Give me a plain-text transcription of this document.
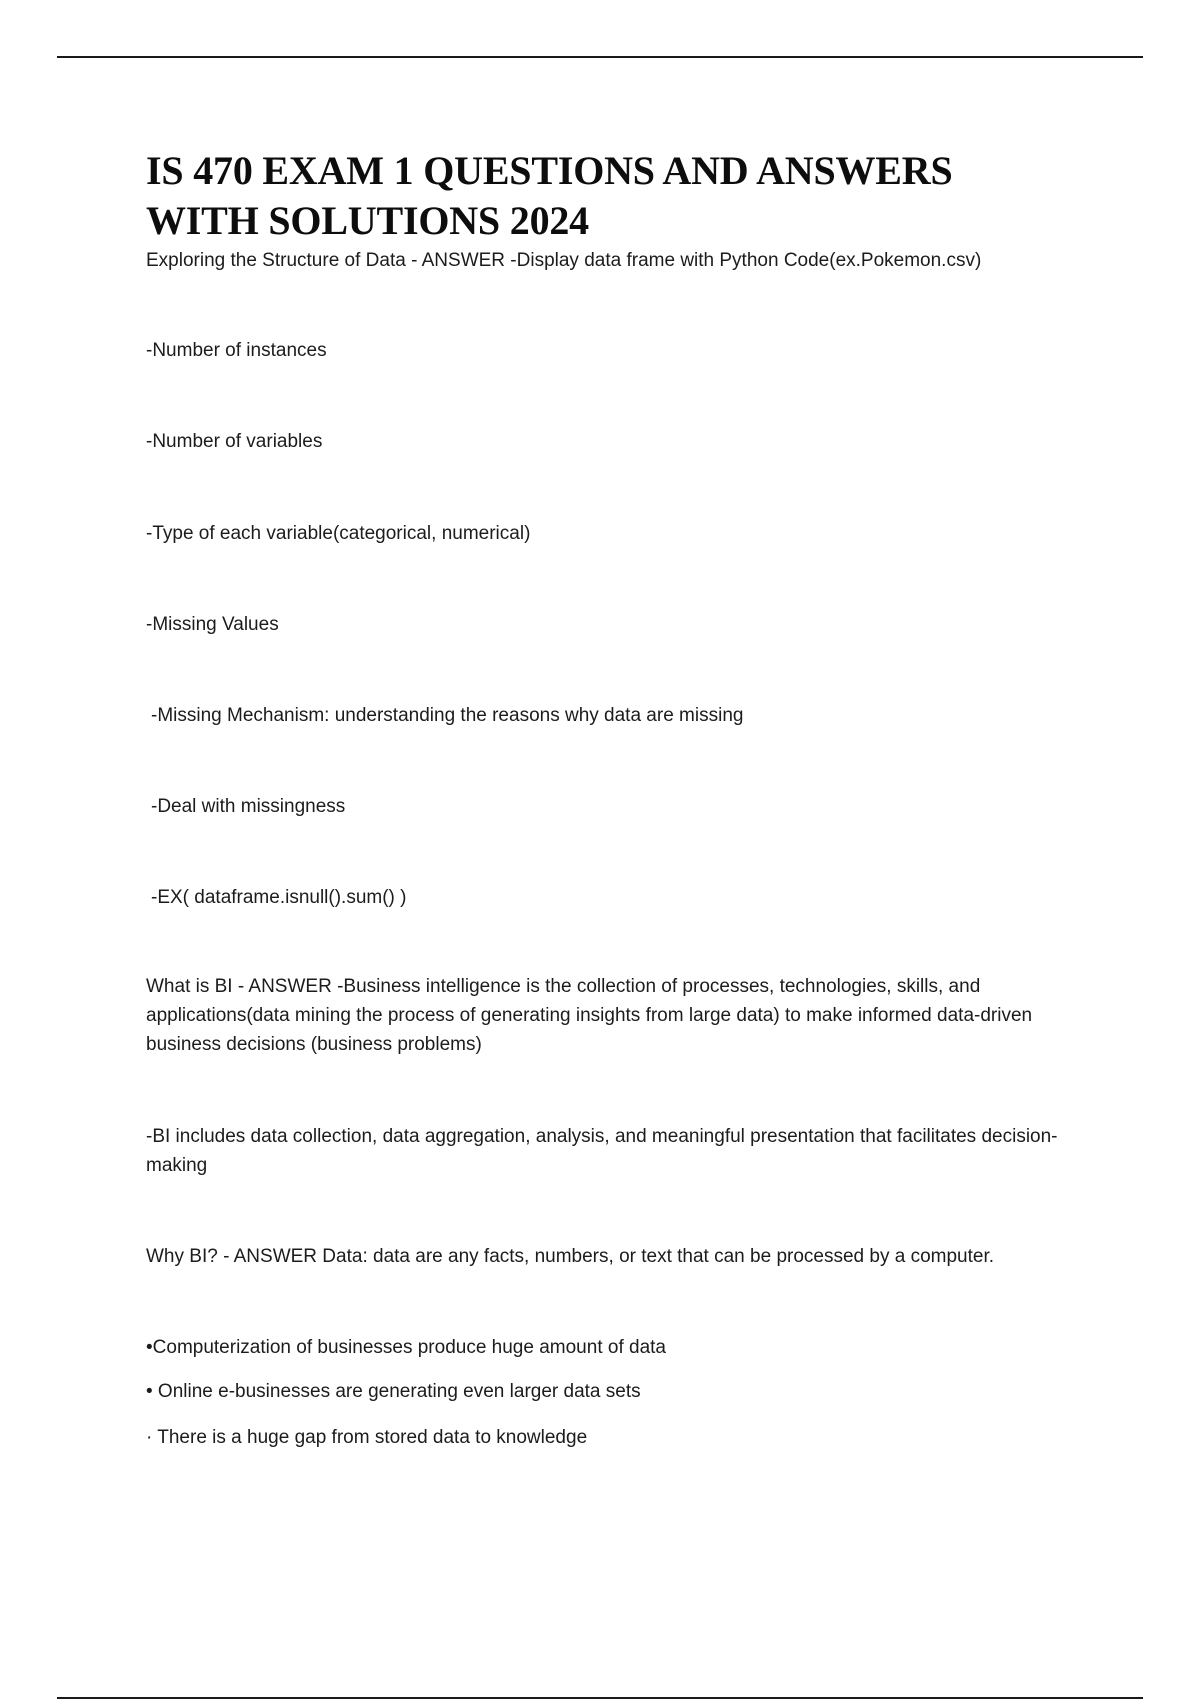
IS 470 EXAM 1 QUESTIONS AND ANSWERS
WITH SOLUTIONS 2024

Exploring the Structure of Data - ANSWER -Display data frame with Python Code(ex.Pokemon.csv)

-Number of instances

-Number of variables

-Type of each variable(categorical, numerical)

-Missing Values

-Missing Mechanism: understanding the reasons why data are missing

-Deal with missingness

-EX( dataframe.isnull().sum() )

What is BI - ANSWER -Business intelligence is the collection of processes, technologies, skills, and applications(data mining the process of generating insights from large data) to make informed data-driven business decisions (business problems)

-BI includes data collection, data aggregation, analysis, and meaningful presentation that facilitates decision-making

Why BI? - ANSWER Data: data are any facts, numbers, or text that can be processed by a computer.

•Computerization of businesses produce huge amount of data

• Online e-businesses are generating even larger data sets

· There is a huge gap from stored data to knowledge
